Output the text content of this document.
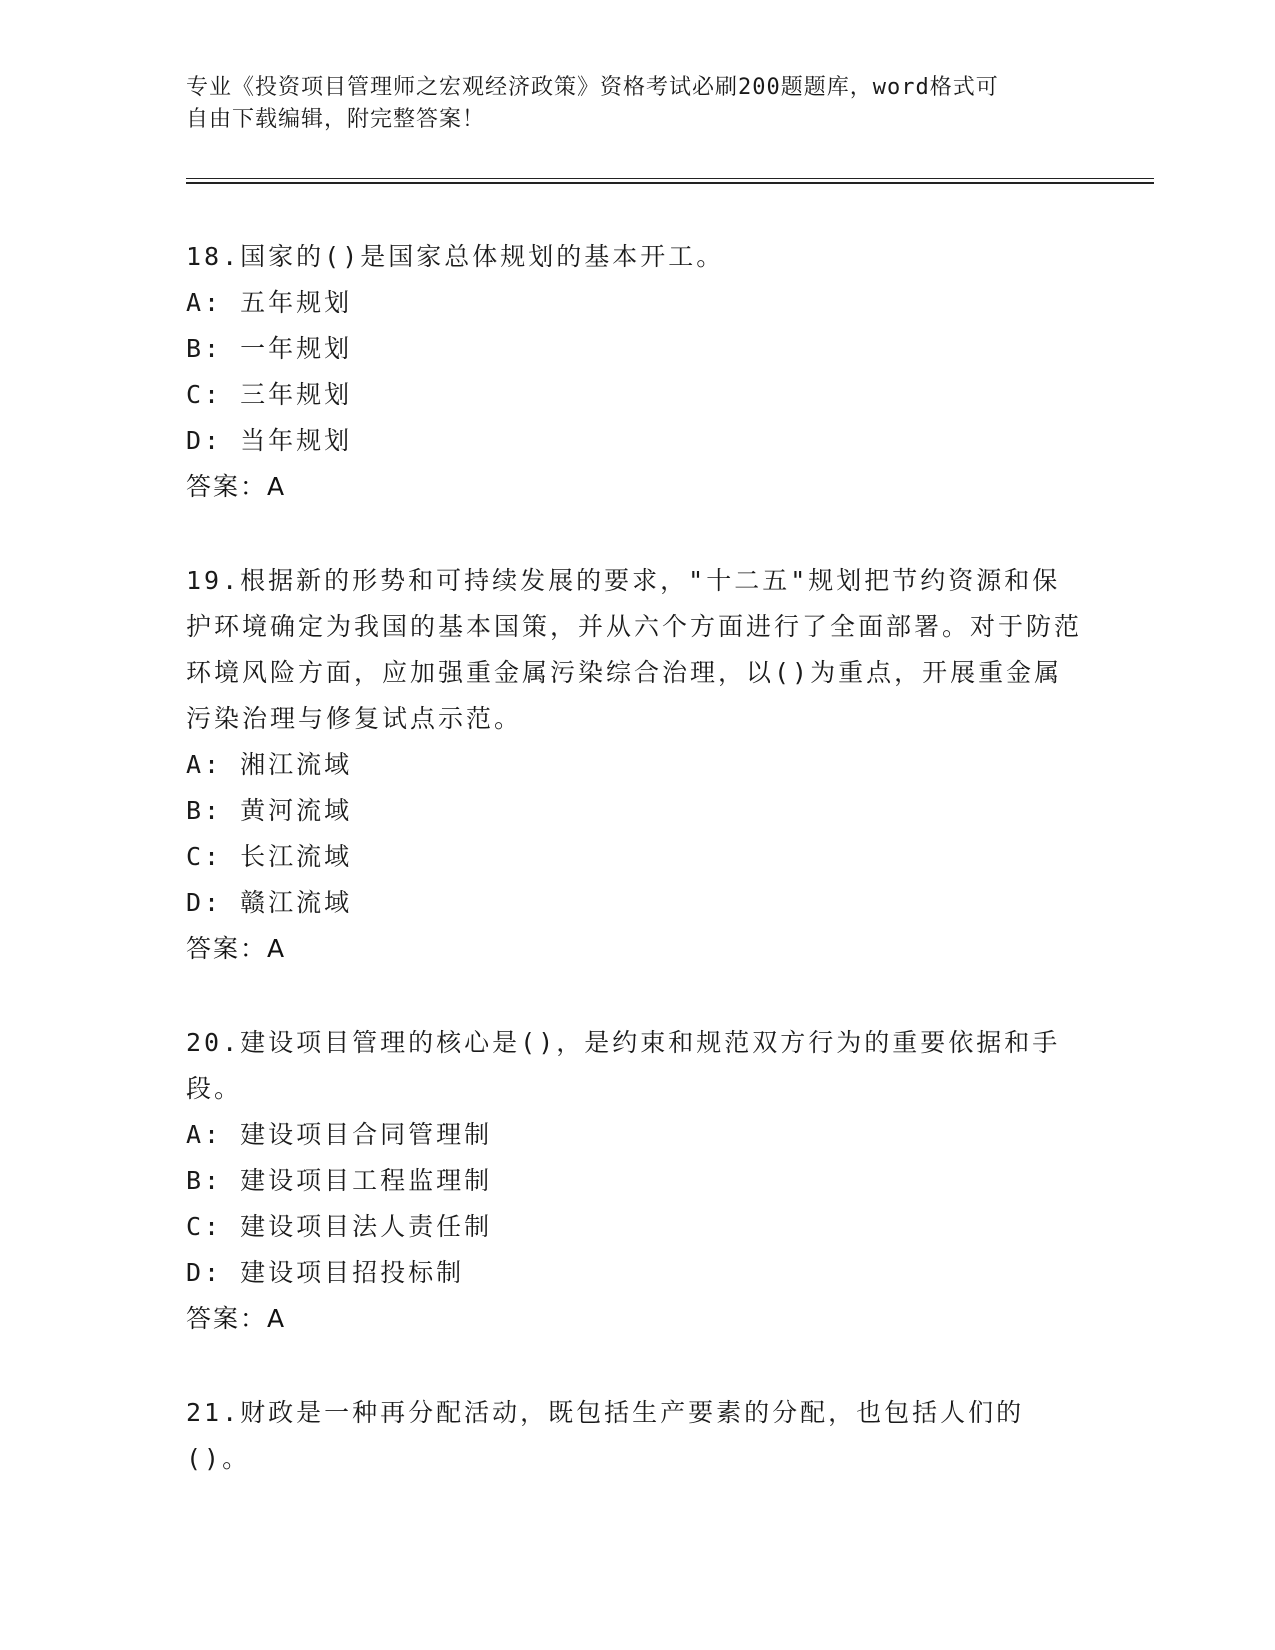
专业《投资项目管理师之宏观经济政策》资格考试必刷200题题库，word格式可
自由下载编辑，附完整答案！
18.国家的()是国家总体规划的基本开工。
A: 五年规划
B: 一年规划
C: 三年规划
D: 当年规划
答案：A
19.根据新的形势和可持续发展的要求，"十二五"规划把节约资源和保护环境确定为我国的基本国策，并从六个方面进行了全面部署。对于防范环境风险方面，应加强重金属污染综合治理，以()为重点，开展重金属污染治理与修复试点示范。
A: 湘江流域
B: 黄河流域
C: 长江流域
D: 赣江流域
答案：A
20.建设项目管理的核心是()，是约束和规范双方行为的重要依据和手段。
A: 建设项目合同管理制
B: 建设项目工程监理制
C: 建设项目法人责任制
D: 建设项目招投标制
答案：A
21.财政是一种再分配活动，既包括生产要素的分配，也包括人们的()。
